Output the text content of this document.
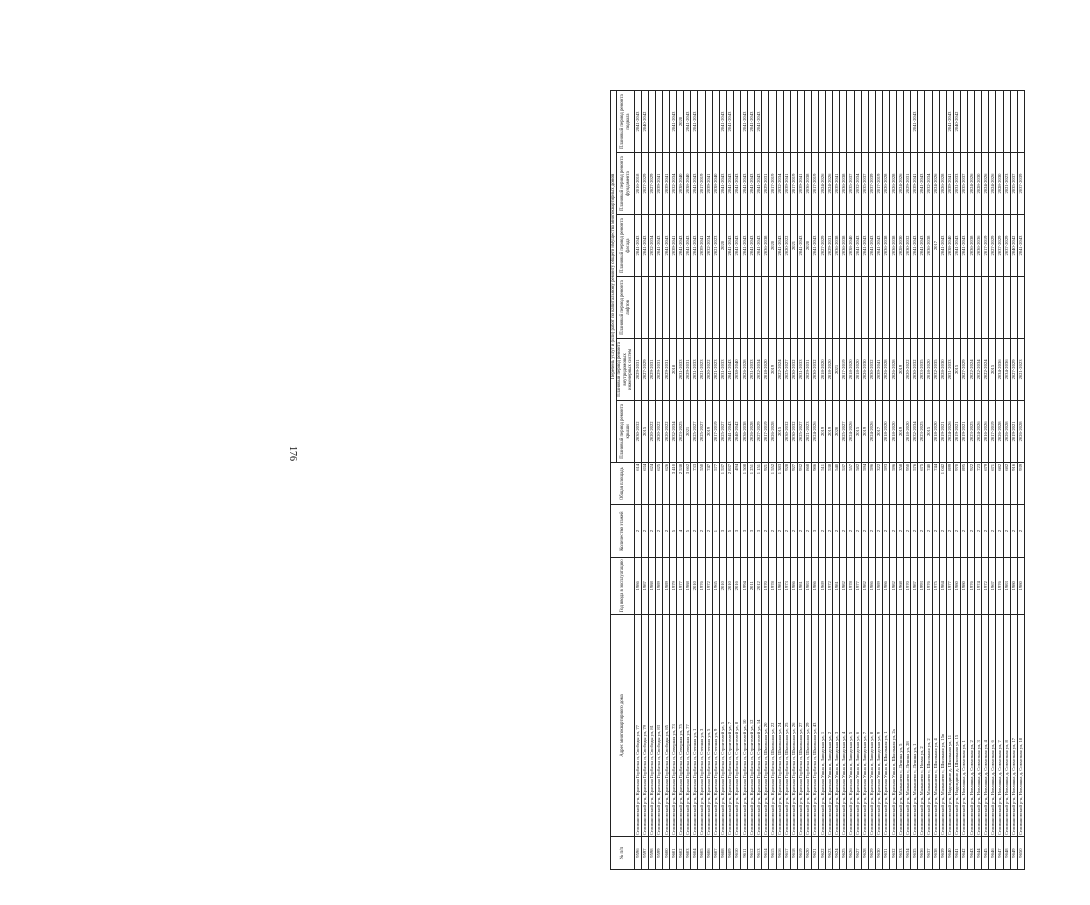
176
№ п/п	Адрес многоквартирного дома	Год ввода в эксплуатацию	Количество этажей	Общая площадь	Перечень услуг и (или) работ по капитальному ремонту общего имущества многоквартирных домов					
					Плановый период ремонта крыши	Плановый период ремонта внутридомовых инженерных систем	Плановый период ремонта лифтов	Плановый период ремонта фасада	Плановый период ремонта фундамента	Плановый период ремонта подвала
9596	Селивановский р-н, Красная Горбатка п, Свободы ул, 77	1986	2	614	2030-2032	2029-2031		2041-2043	2016-2018	2041-2043
9597	Селивановский р-н, Красная Горбатка п, Свободы ул, 79	1987	2	634	2015	2027-2029		2041-2043	2027-2029	2040-2042
9598	Селивановский р-н, Красная Горбатка п, Свободы ул, 81	1988	2	624	2020-2022	2029-2031		2032-2034	2027-2029	
9599	Селивановский р-н, Красная Горбатка п, Свободы ул, 83	1989	2	625	2020-2022	2029-2031		2041-2043	2039-2041	
9600	Селивановский р-н, Красная Горбатка п, Свободы ул, 85	1989	2	626	2020-2022	2029-2031		2041-2043	2039-2041	
9601	Селивановский р-н, Красная Горбатка п, Северная ул, 73	1979	5	3 410	2032-2034	2018		2039-2041	2032-2034	2041-2043
9602	Селивановский р-н, Красная Горбатка п, Северная ул, 75	1977	4	2 538	2023-2025	2031-2033		2041-2043	2038-2040	2020
9603	Селивановский р-н, Красная Горбатка п, Северная ул, 77	1988	5	3 662	2021	2029-2031		2041-2043	2038-2040	2041-2043
9604	Селивановский р-н, Красная Горбатка п, Степная ул, 1	2010	2	733	2025-2027	2031-2033		2041-2043	2041-2043	2041-2043
9605	Селивановский р-н, Красная Горбатка п, Степная ул, 3	1976	2	550	2025-2027	2021-2023		2039-2041	2017-2019	
9606	Селивановский р-н, Красная Горбатка п, Степная ул, 5	1972	2	747	2019	2020-2022		2032-2034	2039-2041	
9607	Селивановский р-н, Красная Горбатка п, Степная ул, 9	1965	1	577	2017-2019	2021-2023		2021-2023	2038-2040	
9608	Селивановский р-н, Красная Горбатка п, Строителей ул, 5	2010	3	1 537	2025-2027	2031-2033		2020	2041-2043	2041-2043
9609	Селивановский р-н, Красная Горбатка п, Строителей ул, 7	2010	5	2 837	2041-2043	2041-2043		2041-2043	2041-2043	2041-2043
9610	Селивановский р-н, Красная Горбатка п, Строителей ул, 8	2016	3	494	2040-2042	2038-2040		2041-2043	2041-2043	
9611	Селивановский р-н, Красная Горбатка п, Строителей ул, 10	1994	3	1 508	2036-2038	2026-2028		2041-2043	2041-2043	2041-2043
9612	Селивановский р-н, Красная Горбатка п, Строителей ул, 12	2011	3	1 251	2026-2028	2031-2033		2041-2043	2041-2043	2041-2043
9613	Селивановский р-н, Красная Горбатка п, Строителей ул, 14	2012	3	1 151	2027-2029	2032-2034		2041-2043	2041-2043	2041-2043
9614	Селивановский р-н, Красная Горбатка п, Школьная ул, 20	1970	2	921	2017-2019	2018-2020		2036-2038	2029-2031	
9615	Селивановский р-н, Красная Горбатка п, Школьная ул, 22	1978	2	1 552	2026-2028	2019		2020	2017-2019	
9616	Селивановский р-н, Красная Горбатка п, Школьная ул, 24	1981	2	1 383	2015	2022-2024		2041-2043	2032-2034	
9617	Селивановский р-н, Красная Горбатка п, Школьная ул, 25	1973	2	928	2030-2032	2025-2027		2020-2022	2039-2041	
9618	Селивановский р-н, Красная Горбатка п, Школьная ул, 26	1986	2	927	2030-2032	2030-2032		2021	2017-2019	
9619	Селивановский р-н, Красная Горбатка п, Школьная ул, 27	1981	2	932	2025-2027	2031-2033		2041-2043	2039-2041	
9620	Селивановский р-н, Красная Горбатка п, Школьная ул, 29	1983	2	868	2021-2023	2029-2031		2020	2036-2038	
9621	Селивановский р-н, Красная Горбатка п, Школьная ул, 43	1986	3	986	2024-2026	2030-2032		2041-2043	2017-2019	
9622	Селивановский р-н, Красная Ушна п, Заводская ул, 1	1969	2	511	2019	2018-2020		2027-2029	2024-2026	
9623	Селивановский р-н, Красная Ушна п, Заводская ул, 2	1972	2	538	2019	2018-2020		2029-2031	2024-2026	
9624	Селивановский р-н, Красная Ушна п, Заводская ул, 3	1981	2	540	2020	2021		2036-2038	2039-2041	
9625	Селивановский р-н, Красная Ушна п, Заводская ул, 4	1982	2	537	2025-2027	2017-2019		2036-2038	2036-2038	
9626	Селивановский р-н, Красная Ушна п, Заводская ул, 5	1978	2	557	2024-2026	2018-2020		2038-2040	2035-2037	
9627	Селивановский р-н, Красная Ушна п, Заводская ул, 6	1977	2	582	2015	2018-2020		2041-2043	2032-2034	
9628	Селивановский р-н, Красная Ушна п, Заводская ул, 7	1982	2	594	2019	2026-2030		2041-2043	2035-2037	
9629	Селивановский р-н, Красная Ушна п, Заводская ул, 8	1986	2	596	2024-2026	2030-2032		2041-2043	2037-2039	
9630	Селивановский р-н, Красная Ушна п, Заводская ул, 9	1989	2	322	2017	2039-2041		2041-2043	2017-2019	
9631	Селивановский р-н, Красная Ушна п, Школьная ул, 1	1986	2	593	2018-2020	2026-2028		2036-2038	2026-2028	
9632	Селивановский р-н, Красная Ушна п, Школьная ул, 2а	1982	2	596	2018-2020	2026-2028		2036-2038	2026-2028	
9633	Селивановский р-н, Малышево с, Ленина ул, 5	1968	2	358	2019	2019		2028-2030	2024-2026	
9634	Селивановский р-н, Малышево с, Ленина ул, 28	1970	2	950	2018-2020	2020-2022		2030-2032	2029-2031	
9635	Селивановский р-н, Малышево с, Ленина ул, 1	1987	2	576	2032-2034	2030-2032		2041-2043	2039-2041	2041-2043
9636	Селивановский р-н, Малышево с, Новая ул, 2	1993	2	675	2023-2025	2033-2035		2041-2043	2041-2043	
9637	Селивановский р-н, Малышево с, Школьная ул, 2	1976	2	740	2015	2018-2020		2036-2038	2032-2034	
9638	Селивановский р-н, Малышево с, Школьная ул, 4	1975	2	744	2018-2020	2032-2035		2017	2024-2026	
9639	Селивановский р-н, Малышево с, Школьная ул, 15в	1984	2	1 042	2019-2021	2028-2030		2041-2043	2026-2028	
9640	Селивановский р-н, Надеждино д, Школьная ул, 11	1977	2	899	2024-2026	2031-2033		2038-2040	2039-2041	2041-2043
9641	Селивановский р-н, Надеждино д, Школьная ул, 15	1980	2	970	2019-2021	2015		2041-2043	2031-2033	2040-2042
9642	Селивановский р-н, Новлянка д, Совхозная ул, 1	1980	2	895	2019-2021	2027-2029		2041-2043	2035-2037	
9643	Селивановский р-н, Новлянка д, Совхозная ул, 2	1976	2	922	2023-2025	2022-2024		2036-2038	2024-2026	
9644	Селивановский р-н, Новлянка д, Совхозная ул, 3	1974	2	723	2024-2026	2032-2034		2036-2036	2028-2030	
9645	Селивановский р-н, Новлянка д, Совхозная ул, 4	1972	2	679	2016-2026	2022-2024		2017-2019	2024-2026	
9646	Селивановский р-н, Новлянка д, Совхозная ул, 6	1967	2	671	2017-2019	2015		2027-2029	2024-2026	
9647	Селивановский р-н, Новлянка д, Совхозная ул, 7	1976	2	682	2026-2028	2034-2036		2037-2029	2028-2030	
9648	Селивановский р-н, Новлянка д, Совхозная ул, 8	1983	2	682	2026-2028	2034-2036		2037-2029	2021-2023	
9649	Селивановский р-н, Новлянка д, Совхозная ул, 17	1980	2	916	2019-2021	2027-2029		2040-2042	2035-2037	
9650	Селивановский р-н, Новлянка д, Совхозная ул, 18	1980	2	939	2026-2028	2021-2023		2041-2043	2037-2039	
